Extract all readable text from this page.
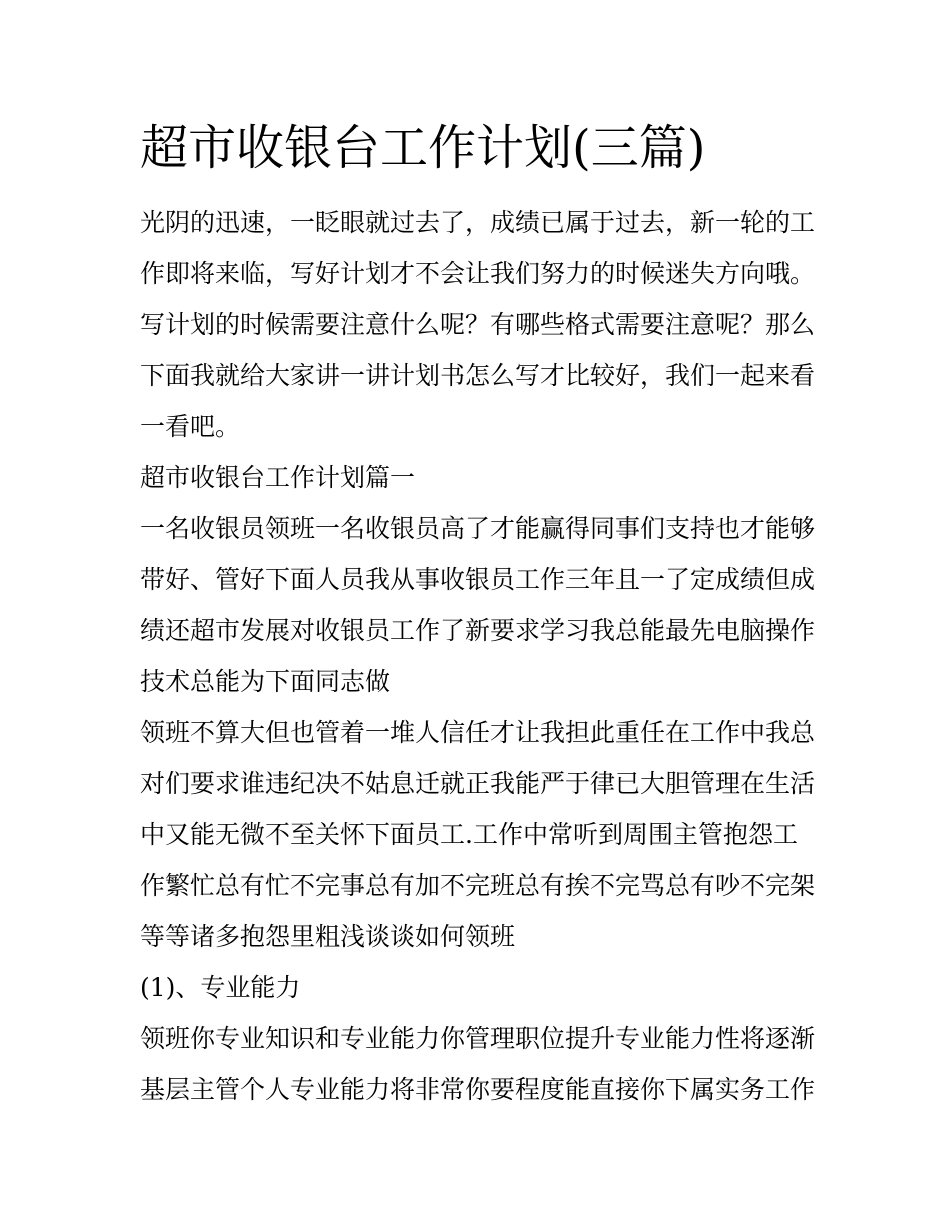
超市收银台工作计划(三篇)

光阴的迅速，一眨眼就过去了，成绩已属于过去，新一轮的工

作即将来临，写好计划才不会让我们努力的时候迷失方向哦。

写计划的时候需要注意什么呢？有哪些格式需要注意呢？那么

下面我就给大家讲一讲计划书怎么写才比较好，我们一起来看

一看吧。

超市收银台工作计划篇一

一名收银员领班一名收银员高了才能赢得同事们支持也才能够

带好、管好下面人员我从事收银员工作三年且一了定成绩但成

绩还超市发展对收银员工作了新要求学习我总能最先电脑操作

技术总能为下面同志做

领班不算大但也管着一堆人信任才让我担此重任在工作中我总

对们要求谁违纪决不姑息迁就正我能严于律已大胆管理在生活

中又能无微不至关怀下面员工.工作中常听到周围主管抱怨工

作繁忙总有忙不完事总有加不完班总有挨不完骂总有吵不完架

等等诸多抱怨里粗浅谈谈如何领班

(1)、专业能力

领班你专业知识和专业能力你管理职位提升专业能力性将逐渐

基层主管个人专业能力将非常你要程度能直接你下属实务工作
